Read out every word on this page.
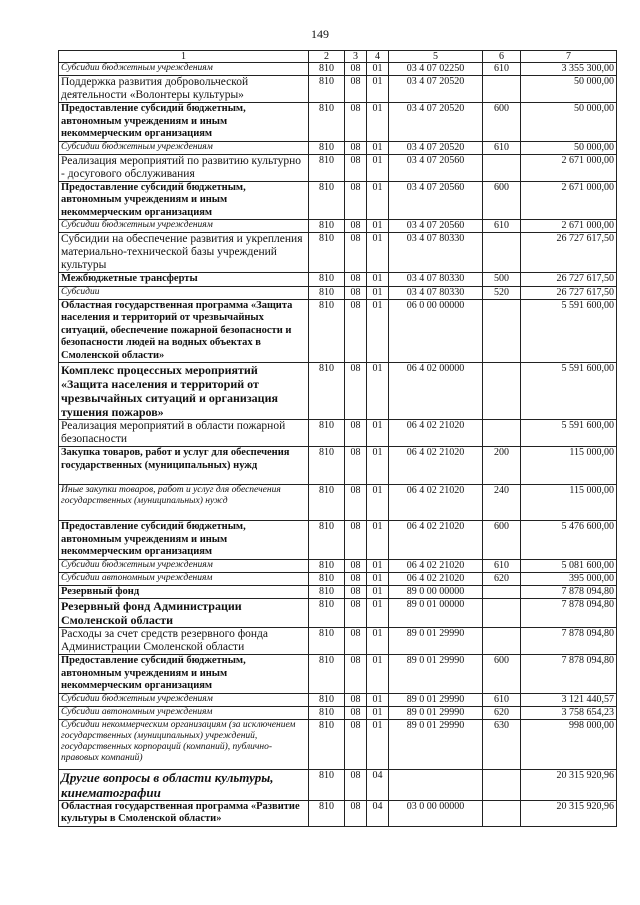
149
1	2	3	4	5	6	7
Субсидии бюджетным учреждениям	810	08	01	03 4 07 02250	610	3 355 300,00
Поддержка развития добровольческой деятельности «Волонтеры культуры»	810	08	01	03 4 07 20520		50 000,00
Предоставление субсидий бюджетным, автономным учреждениям и иным некоммерческим организациям	810	08	01	03 4 07 20520	600	50 000,00
Субсидии бюджетным учреждениям	810	08	01	03 4 07 20520	610	50 000,00
Реализация мероприятий по развитию культурно - досугового обслуживания	810	08	01	03 4 07 20560		2 671 000,00
Предоставление субсидий бюджетным, автономным учреждениям и иным некоммерческим организациям	810	08	01	03 4 07 20560	600	2 671 000,00
Субсидии бюджетным учреждениям	810	08	01	03 4 07 20560	610	2 671 000,00
Субсидии на обеспечение развития и укрепления материально-технической базы учреждений культуры	810	08	01	03 4 07 80330		26 727 617,50
Межбюджетные трансферты	810	08	01	03 4 07 80330	500	26 727 617,50
Субсидии	810	08	01	03 4 07 80330	520	26 727 617,50
Областная государственная программа «Защита населения и территорий от чрезвычайных ситуаций, обеспечение пожарной безопасности и безопасности людей на водных объектах в Смоленской области»	810	08	01	06 0 00 00000		5 591 600,00
Комплекс процессных мероприятий «Защита населения и территорий от чрезвычайных ситуаций и организация тушения пожаров»	810	08	01	06 4 02 00000		5 591 600,00
Реализация мероприятий в области пожарной безопасности	810	08	01	06 4 02 21020		5 591 600,00
Закупка товаров, работ и услуг для обеспечения государственных (муниципальных) нужд	810	08	01	06 4 02 21020	200	115 000,00
Иные закупки товаров, работ и услуг для обеспечения государственных (муниципальных) нужд	810	08	01	06 4 02 21020	240	115 000,00
Предоставление субсидий бюджетным, автономным учреждениям и иным некоммерческим организациям	810	08	01	06 4 02 21020	600	5 476 600,00
Субсидии бюджетным учреждениям	810	08	01	06 4 02 21020	610	5 081 600,00
Субсидии автономным учреждениям	810	08	01	06 4 02 21020	620	395 000,00
Резервный фонд	810	08	01	89 0 00 00000		7 878 094,80
Резервный фонд Администрации Смоленской области	810	08	01	89 0 01 00000		7 878 094,80
Расходы за счет средств резервного фонда Администрации Смоленской области	810	08	01	89 0 01 29990		7 878 094,80
Предоставление субсидий бюджетным, автономным учреждениям и иным некоммерческим организациям	810	08	01	89 0 01 29990	600	7 878 094,80
Субсидии бюджетным учреждениям	810	08	01	89 0 01 29990	610	3 121 440,57
Субсидии автономным учреждениям	810	08	01	89 0 01 29990	620	3 758 654,23
Субсидии некоммерческим организациям (за исключением государственных (муниципальных) учреждений, государственных корпораций (компаний), публично-правовых компаний)	810	08	01	89 0 01 29990	630	998 000,00
Другие вопросы в области культуры, кинематографии	810	08	04			20 315 920,96
Областная государственная программа «Развитие культуры в Смоленской области»	810	08	04	03 0 00 00000		20 315 920,96
